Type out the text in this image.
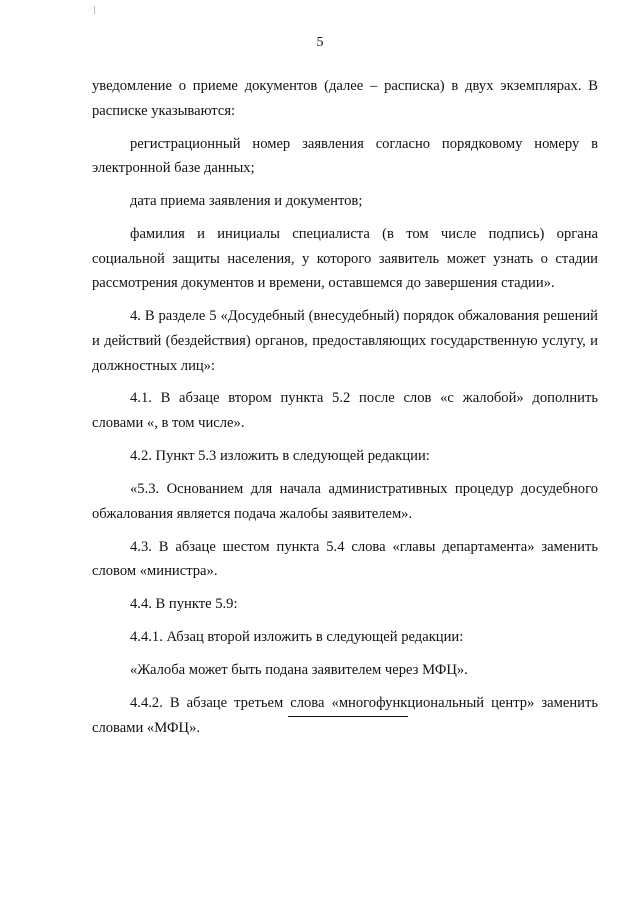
5

уведомление о приеме документов (далее – расписка) в двух экземплярах. В расписке указываются:

регистрационный номер заявления согласно порядковому номеру в электронной базе данных;

дата приема заявления и документов;

фамилия и инициалы специалиста (в том числе подпись) органа социальной защиты населения, у которого заявитель может узнать о стадии рассмотрения документов и времени, оставшемся до завершения стадии».

4. В разделе 5 «Досудебный (внесудебный) порядок обжалования решений и действий (бездействия) органов, предоставляющих государственную услугу, и должностных лиц»:

4.1. В абзаце втором пункта 5.2 после слов «с жалобой» дополнить словами «, в том числе».

4.2. Пункт 5.3 изложить в следующей редакции:

«5.3. Основанием для начала административных процедур досудебного обжалования является подача жалобы заявителем».

4.3. В абзаце шестом пункта 5.4 слова «главы департамента» заменить словом «министра».

4.4. В пункте 5.9:

4.4.1. Абзац второй изложить в следующей редакции:

«Жалоба может быть подана заявителем через МФЦ».

4.4.2. В абзаце третьем слова «многофункциональный центр» заменить словами «МФЦ».
